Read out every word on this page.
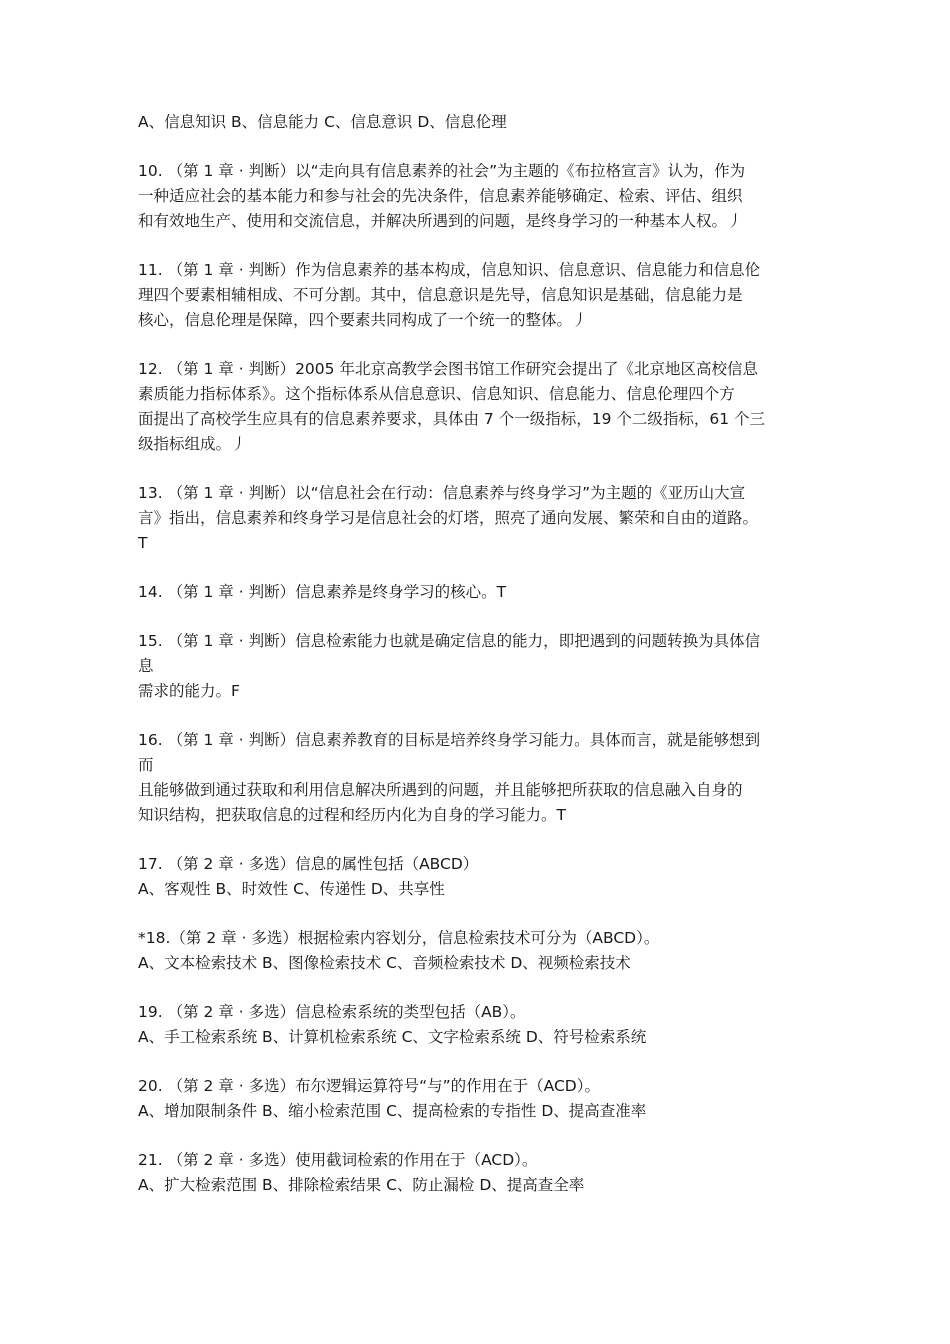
A、信息知识 B、信息能力 C、信息意识 D、信息伦理
10. （第 1 章 · 判断）以“走向具有信息素养的社会”为主题的《布拉格宣言》认为，作为
一种适应社会的基本能力和参与社会的先决条件，信息素养能够确定、检索、评估、组织
和有效地生产、使用和交流信息，并解决所遇到的问题，是终身学习的一种基本人权。丿
11. （第 1 章 · 判断）作为信息素养的基本构成，信息知识、信息意识、信息能力和信息伦
理四个要素相辅相成、不可分割。其中，信息意识是先导，信息知识是基础，信息能力是
核心，信息伦理是保障，四个要素共同构成了一个统一的整体。丿
12. （第 1 章 · 判断）2005 年北京高教学会图书馆工作研究会提出了《北京地区高校信息
素质能力指标体系》。这个指标体系从信息意识、信息知识、信息能力、信息伦理四个方
面提出了高校学生应具有的信息素养要求，具体由 7 个一级指标，19 个二级指标，61 个三
级指标组成。丿
13. （第 1 章 · 判断）以“信息社会在行动：信息素养与终身学习”为主题的《亚历山大宣
言》指出，信息素养和终身学习是信息社会的灯塔，照亮了通向发展、繁荣和自由的道路。
T
14. （第 1 章 · 判断）信息素养是终身学习的核心。T
15. （第 1 章 · 判断）信息检索能力也就是确定信息的能力，即把遇到的问题转换为具体信
息
需求的能力。F
16. （第 1 章 · 判断）信息素养教育的目标是培养终身学习能力。具体而言，就是能够想到
而
且能够做到通过获取和利用信息解决所遇到的问题，并且能够把所获取的信息融入自身的
知识结构，把获取信息的过程和经历内化为自身的学习能力。T
17. （第 2 章 · 多选）信息的属性包括（ABCD）
A、客观性 B、时效性 C、传递性 D、共享性
*18.（第 2 章 · 多选）根据检索内容划分，信息检索技术可分为（ABCD）。
A、文本检索技术 B、图像检索技术 C、音频检索技术 D、视频检索技术
19. （第 2 章 · 多选）信息检索系统的类型包括（AB）。
A、手工检索系统 B、计算机检索系统 C、文字检索系统 D、符号检索系统
20. （第 2 章 · 多选）布尔逻辑运算符号“与”的作用在于（ACD）。
A、增加限制条件 B、缩小检索范围 C、提高检索的专指性 D、提高查准率
21. （第 2 章 · 多选）使用截词检索的作用在于（ACD）。
A、扩大检索范围 B、排除检索结果 C、防止漏检 D、提高查全率
